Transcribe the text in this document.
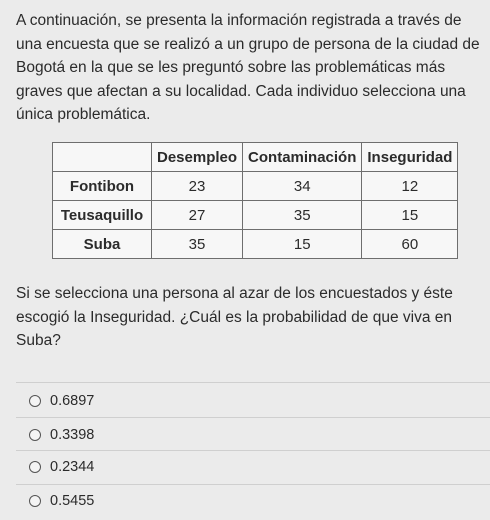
A continuación, se presenta la información registrada a través de una encuesta que se realizó a un grupo de persona de la ciudad de Bogotá en la que se les preguntó sobre las problemáticas más graves que afectan a su localidad. Cada individuo selecciona una única problemática.
	Desempleo	Contaminación	Inseguridad
Fontibon	23	34	12
Teusaquillo	27	35	15
Suba	35	15	60
Si se selecciona una persona al azar de los encuestados y éste escogió la Inseguridad. ¿Cuál es la probabilidad de que viva en Suba?
0.6897
0.3398
0.2344
0.5455
